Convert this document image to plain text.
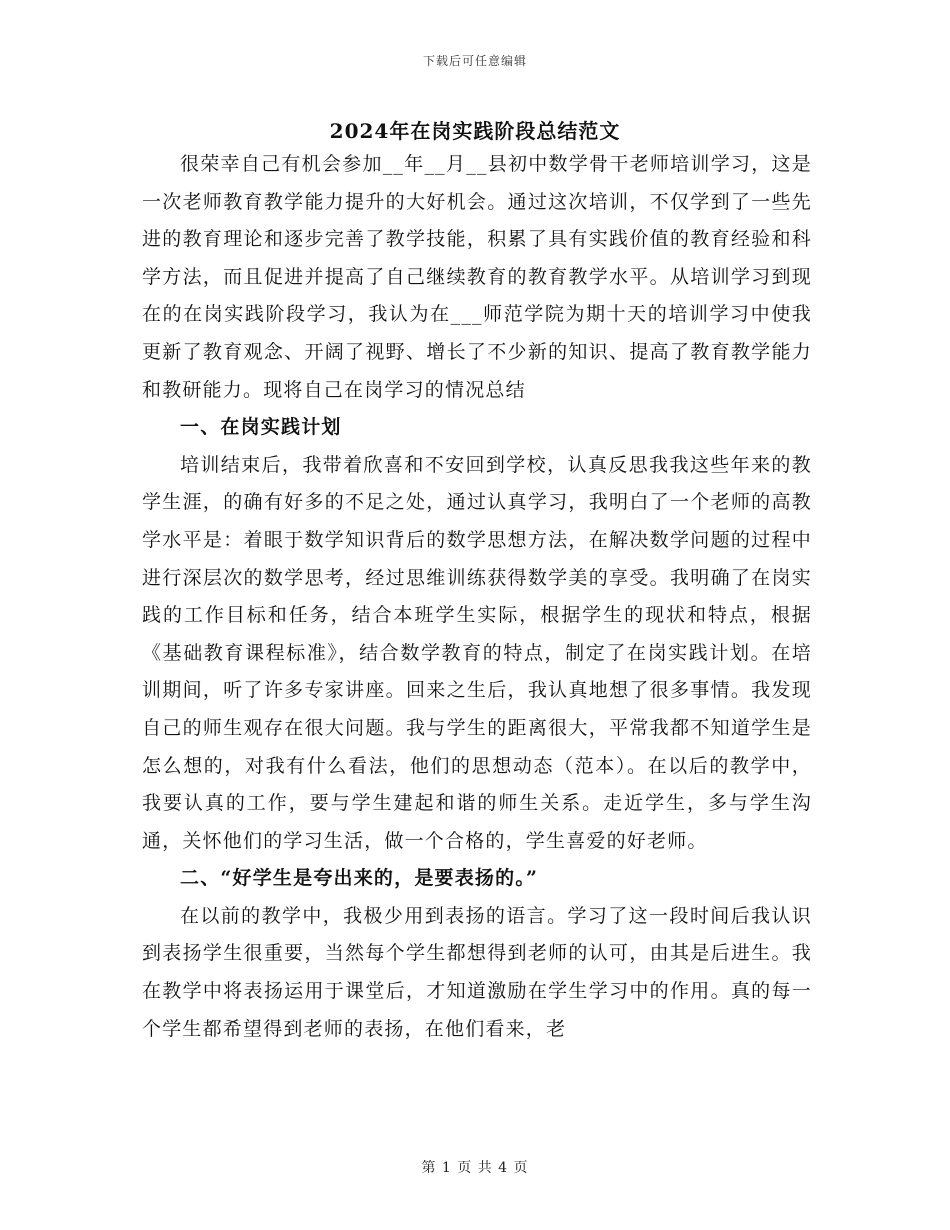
下载后可任意编辑
2024年在岗实践阶段总结范文

很荣幸自己有机会参加__年__月__县初中数学骨干老师培训学习，这是一次老师教育教学能力提升的大好机会。通过这次培训，不仅学到了一些先进的教育理论和逐步完善了教学技能，积累了具有实践价值的教育经验和科学方法，而且促进并提高了自己继续教育的教育教学水平。从培训学习到现在的在岗实践阶段学习，我认为在___师范学院为期十天的培训学习中使我更新了教育观念、开阔了视野、增长了不少新的知识、提高了教育教学能力和教研能力。现将自己在岗学习的情况总结

一、在岗实践计划

培训结束后，我带着欣喜和不安回到学校，认真反思我我这些年来的教学生涯，的确有好多的不足之处，通过认真学习，我明白了一个老师的高教学水平是：着眼于数学知识背后的数学思想方法，在解决数学问题的过程中进行深层次的数学思考，经过思维训练获得数学美的享受。我明确了在岗实践的工作目标和任务，结合本班学生实际，根据学生的现状和特点，根据《基础教育课程标准》，结合数学教育的特点，制定了在岗实践计划。在培训期间，听了许多专家讲座。回来之生后，我认真地想了很多事情。我发现自己的师生观存在很大问题。我与学生的距离很大，平常我都不知道学生是怎么想的，对我有什么看法，他们的思想动态（范本）。在以后的教学中，我要认真的工作，要与学生建起和谐的师生关系。走近学生，多与学生沟通，关怀他们的学习生活，做一个合格的，学生喜爱的好老师。

二、“好学生是夸出来的，是要表扬的。”

在以前的教学中，我极少用到表扬的语言。学习了这一段时间后我认识到表扬学生很重要，当然每个学生都想得到老师的认可，由其是后进生。我在教学中将表扬运用于课堂后，才知道激励在学生学习中的作用。真的每一个学生都希望得到老师的表扬，在他们看来，老

第 1 页 共 4 页
